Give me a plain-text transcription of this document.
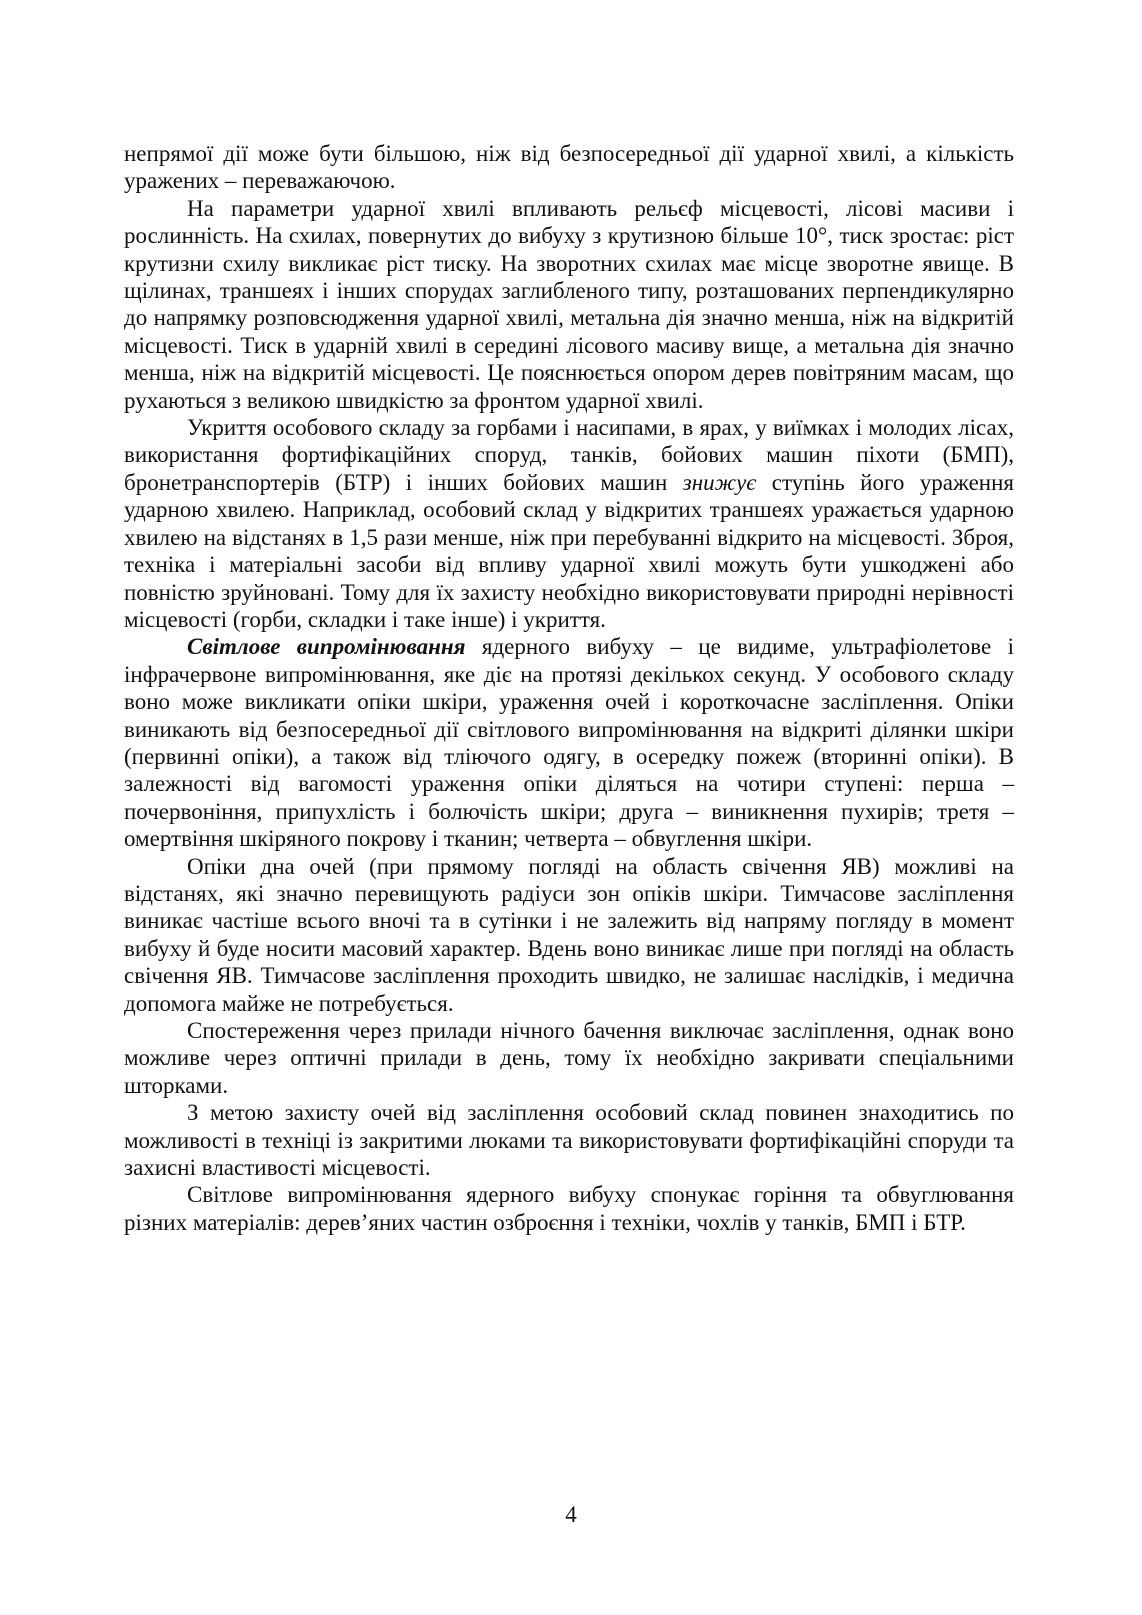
непрямої дії може бути більшою, ніж від безпосередньої дії ударної хвилі, а кількість уражених – переважаючою.

На параметри ударної хвилі впливають рельєф місцевості, лісові масиви і рослинність. На схилах, повернутих до вибуху з крутизною більше 10°, тиск зростає: ріст крутизни схилу викликає ріст тиску. На зворотних схилах має місце зворотне явище. В щілинах, траншеях і інших спорудах заглибленого типу, розташованих перпендикулярно до напрямку розповсюдження ударної хвилі, метальна дія значно менша, ніж на відкритій місцевості. Тиск в ударній хвилі в середині лісового масиву вище, а метальна дія значно менша, ніж на відкритій місцевості. Це пояснюється опором дерев повітряним масам, що рухаються з великою швидкістю за фронтом ударної хвилі.

Укриття особового складу за горбами і насипами, в ярах, у виїмках і молодих лісах, використання фортифікаційних споруд, танків, бойових машин піхоти (БМП), бронетранспортерів (БТР) і інших бойових машин знижує ступінь його ураження ударною хвилею. Наприклад, особовий склад у відкритих траншеях уражається ударною хвилею на відстанях в 1,5 рази менше, ніж при перебуванні відкрито на місцевості. Зброя, техніка і матеріальні засоби від впливу ударної хвилі можуть бути ушкоджені або повністю зруйновані. Тому для їх захисту необхідно використовувати природні нерівності місцевості (горби, складки і таке інше) і укриття.

Світлове випромінювання ядерного вибуху – це видиме, ультрафіолетове і інфрачервоне випромінювання, яке діє на протязі декількох секунд. У особового складу воно може викликати опіки шкіри, ураження очей і короткочасне засліплення. Опіки виникають від безпосередньої дії світлового випромінювання на відкриті ділянки шкіри (первинні опіки), а також від тліючого одягу, в осередку пожеж (вторинні опіки). В залежності від вагомості ураження опіки діляться на чотири ступені: перша – почервоніння, припухлість і болючість шкіри; друга – виникнення пухирів; третя – омертвіння шкіряного покрову і тканин; четверта – обвуглення шкіри.

Опіки дна очей (при прямому погляді на область свічення ЯВ) можливі на відстанях, які значно перевищують радіуси зон опіків шкіри. Тимчасове засліплення виникає частіше всього вночі та в сутінки і не залежить від напряму погляду в момент вибуху й буде носити масовий характер. Вдень воно виникає лише при погляді на область свічення ЯВ. Тимчасове засліплення проходить швидко, не залишає наслідків, і медична допомога майже не потребується.

Спостереження через прилади нічного бачення виключає засліплення, однак воно можливе через оптичні прилади в день, тому їх необхідно закривати спеціальними шторками.

З метою захисту очей від засліплення особовий склад повинен знаходитись по можливості в техніці із закритими люками та використовувати фортифікаційні споруди та захисні властивості місцевості.

Світлове випромінювання ядерного вибуху спонукає горіння та обвуглювання різних матеріалів: дерев’яних частин озброєння і техніки, чохлів у танків, БМП і БТР.

4
